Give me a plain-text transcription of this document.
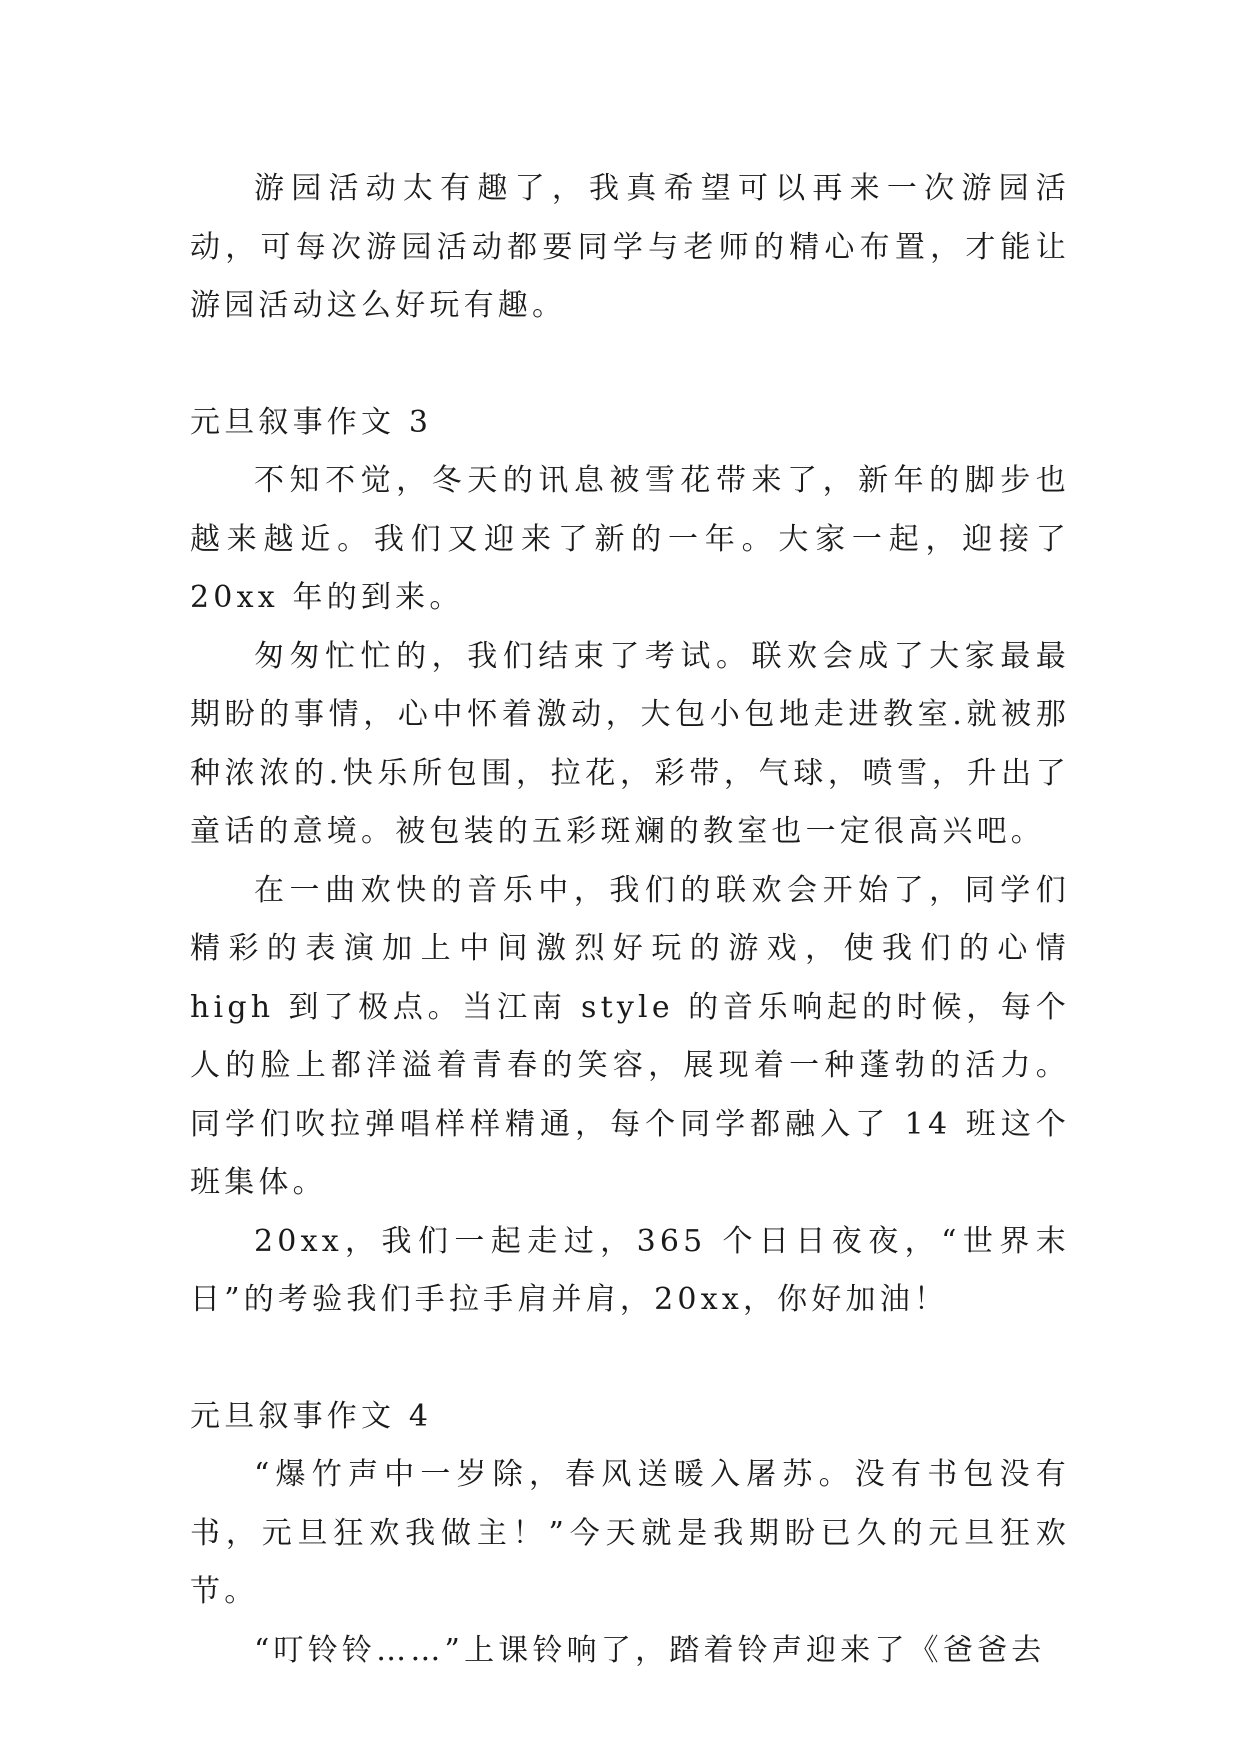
游园活动太有趣了，我真希望可以再来一次游园活动，可每次游园活动都要同学与老师的精心布置，才能让游园活动这么好玩有趣。

元旦叙事作文 3

不知不觉，冬天的讯息被雪花带来了，新年的脚步也越来越近。我们又迎来了新的一年。大家一起，迎接了 20xx 年的到来。

匆匆忙忙的，我们结束了考试。联欢会成了大家最最期盼的事情，心中怀着激动，大包小包地走进教室.就被那种浓浓的.快乐所包围，拉花，彩带，气球，喷雪，升出了童话的意境。被包装的五彩斑斓的教室也一定很高兴吧。

在一曲欢快的音乐中，我们的联欢会开始了，同学们精彩的表演加上中间激烈好玩的游戏，使我们的心情 high 到了极点。当江南 style 的音乐响起的时候，每个人的脸上都洋溢着青春的笑容，展现着一种蓬勃的活力。同学们吹拉弹唱样样精通，每个同学都融入了 14 班这个班集体。

20xx，我们一起走过，365 个日日夜夜，“世界末日”的考验我们手拉手肩并肩，20xx，你好加油！

元旦叙事作文 4

“爆竹声中一岁除，春风送暖入屠苏。没有书包没有书，元旦狂欢我做主！”今天就是我期盼已久的元旦狂欢节。

“叮铃铃……”上课铃响了，踏着铃声迎来了《爸爸去
